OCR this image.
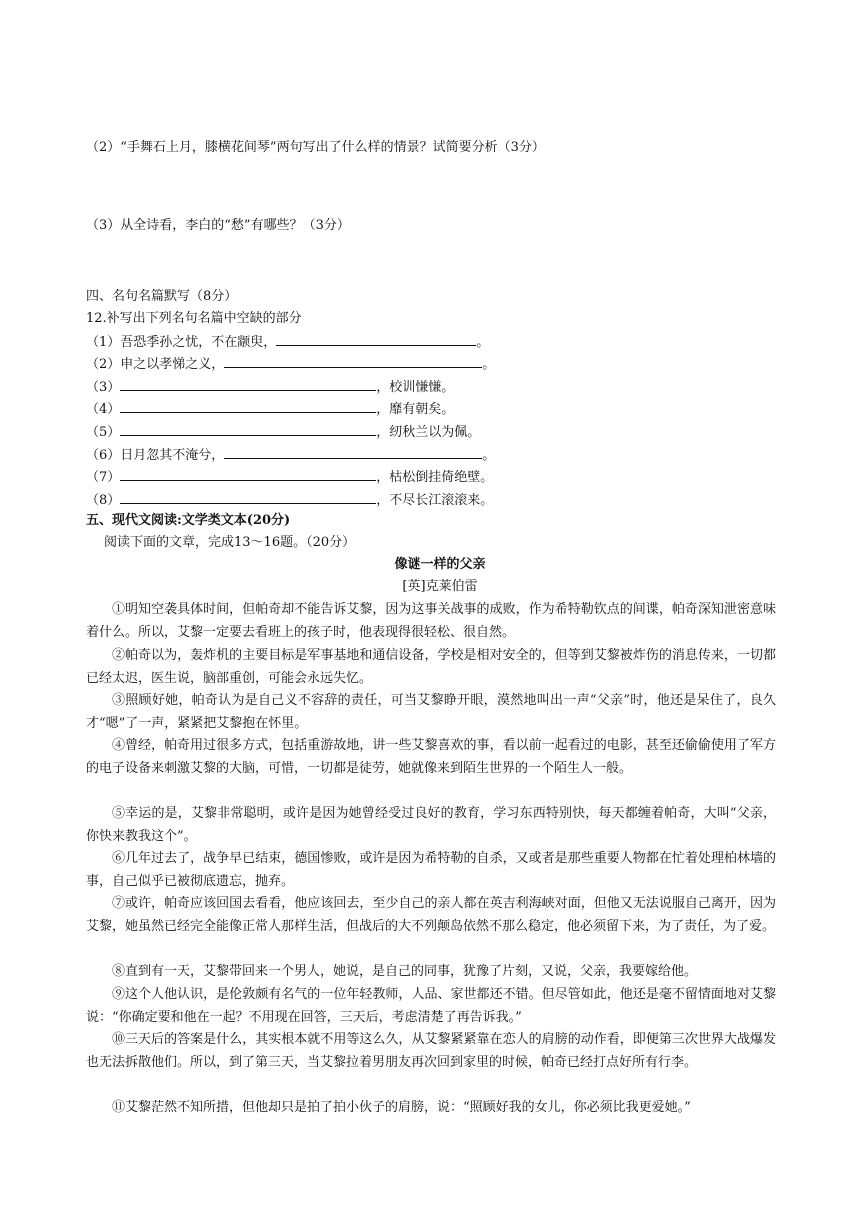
（2）“手舞石上月，膝横花间琴”两句写出了什么样的情景？试简要分析（3分）
（3）从全诗看，李白的“愁”有哪些？（3分）
四、名句名篇默写（8分）
12.补写出下列名句名篇中空缺的部分
（1）吾恐季孙之忧，不在颛臾，	。
（2）申之以孝悌之义，	。
（3）	，校训慊慊。
（4）	，靡有朝矣。
（5）	，纫秋兰以为佩。
（6）日月忽其不淹兮，	。
（7）	，枯松倒挂倚绝壁。
（8）	，不尽长江滚滚来。
五、现代文阅读:文学类文本(20分)
阅读下面的文章，完成13～16题。（20分）
像谜一样的父亲
[英]克莱伯雷
①明知空袭具体时间，但帕奇却不能告诉艾黎，因为这事关战事的成败，作为希特勒钦点的间谍，帕奇深知泄密意味着什么。所以，艾黎一定要去看班上的孩子时，他表现得很轻松、很自然。
②帕奇以为，轰炸机的主要目标是军事基地和通信设备，学校是相对安全的，但等到艾黎被炸伤的消息传来，一切都已经太迟，医生说，脑部重创，可能会永远失忆。
③照顾好她，帕奇认为是自己义不容辞的责任，可当艾黎睁开眼，漠然地叫出一声“父亲”时，他还是呆住了，良久才“嗯”了一声，紧紧把艾黎抱在怀里。
④曾经，帕奇用过很多方式，包括重游故地，讲一些艾黎喜欢的事，看以前一起看过的电影，甚至还偷偷使用了军方的电子设备来刺激艾黎的大脑，可惜，一切都是徒劳，她就像来到陌生世界的一个陌生人一般。
⑤幸运的是，艾黎非常聪明，或许是因为她曾经受过良好的教育，学习东西特别快，每天都缠着帕奇，大叫“父亲，你快来教我这个”。
⑥几年过去了，战争早已结束，德国惨败，或许是因为希特勒的自杀，又或者是那些重要人物都在忙着处理柏林墙的事，自己似乎已被彻底遗忘，抛弃。
⑦或许，帕奇应该回国去看看，他应该回去，至少自己的亲人都在英吉利海峡对面，但他又无法说服自己离开，因为艾黎，她虽然已经完全能像正常人那样生活，但战后的大不列颠岛依然不那么稳定，他必须留下来，为了责任，为了爱。
⑧直到有一天，艾黎带回来一个男人，她说，是自己的同事，犹豫了片刻，又说，父亲，我要嫁给他。
⑨这个人他认识，是伦敦颇有名气的一位年轻教师，人品、家世都还不错。但尽管如此，他还是毫不留情面地对艾黎说：“你确定要和他在一起？不用现在回答，三天后，考虑清楚了再告诉我。”
⑩三天后的答案是什么，其实根本就不用等这么久，从艾黎紧紧靠在恋人的肩膀的动作看，即便第三次世界大战爆发也无法拆散他们。所以，到了第三天，当艾黎拉着男朋友再次回到家里的时候，帕奇已经打点好所有行李。
⑪艾黎茫然不知所措，但他却只是拍了拍小伙子的肩膀，说：“照顾好我的女儿，你必须比我更爱她。”
